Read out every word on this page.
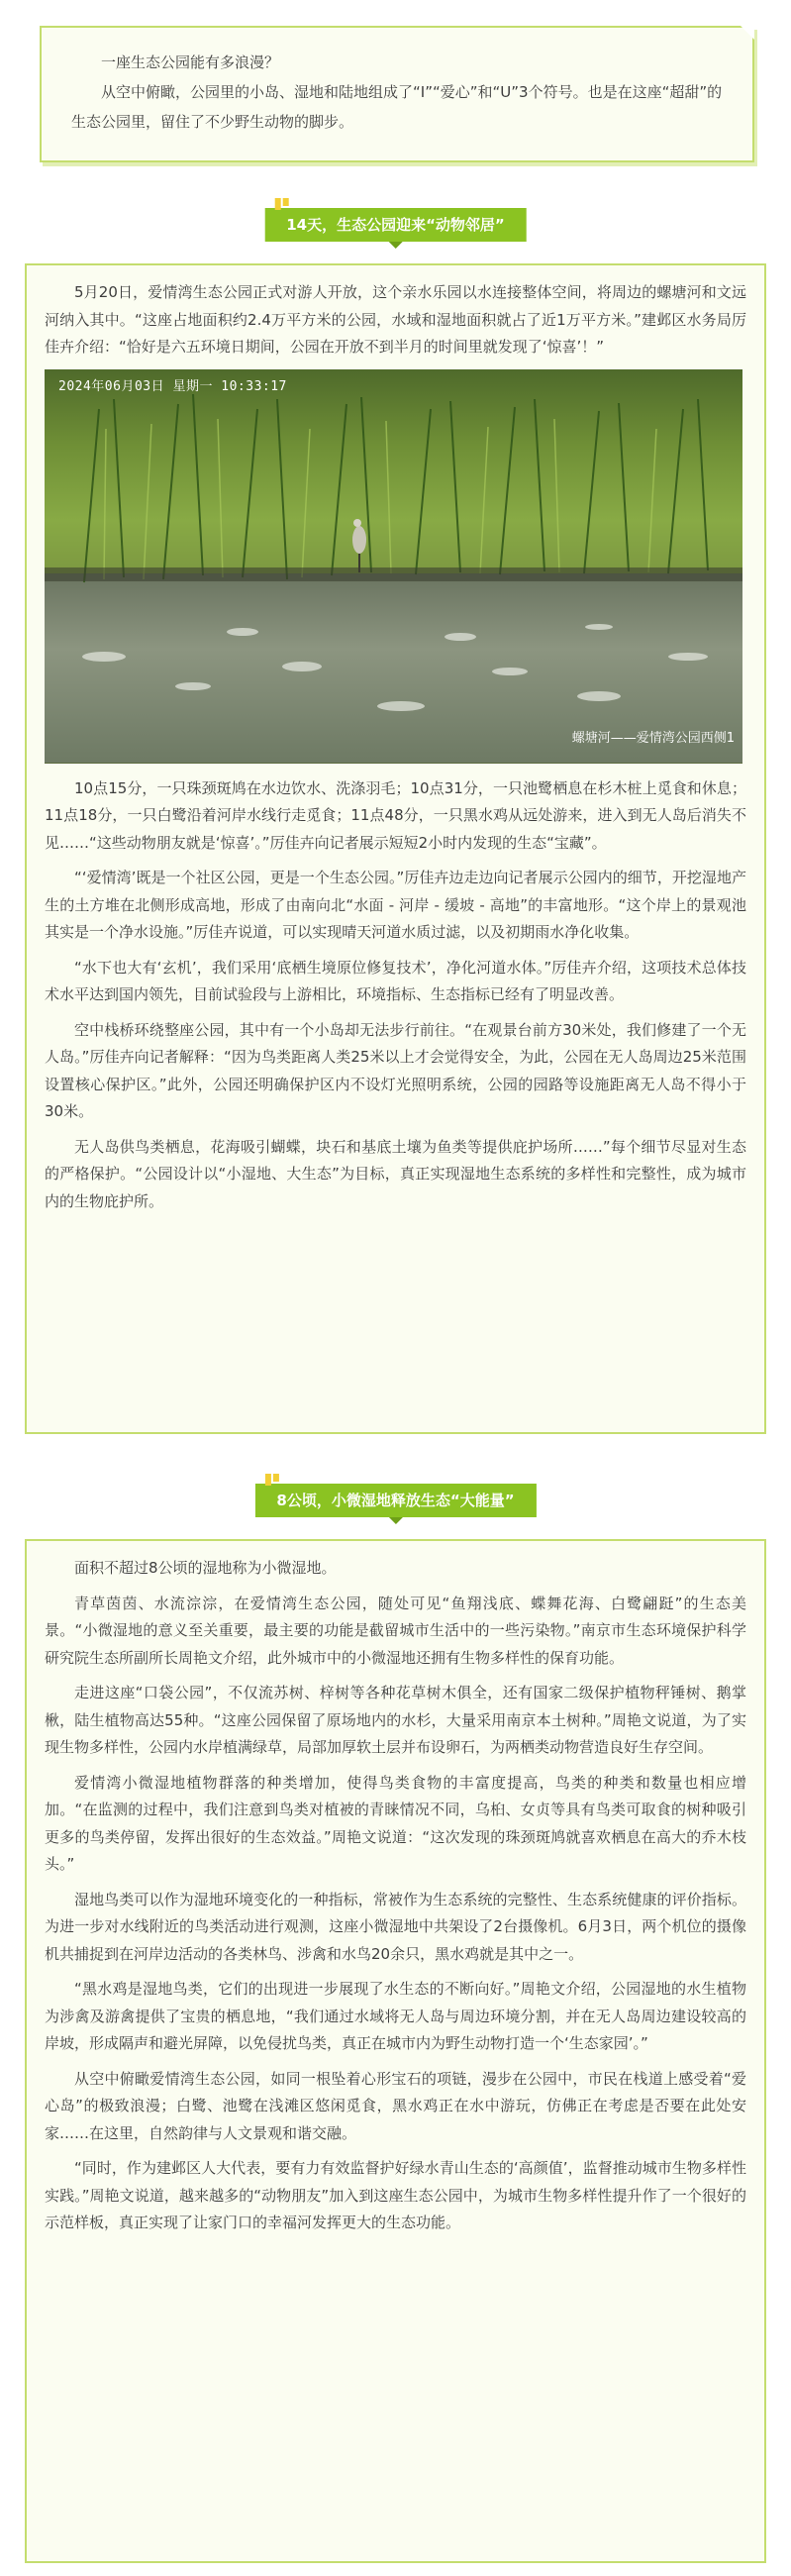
一座生态公园能有多浪漫？

从空中俯瞰，公园里的小岛、湿地和陆地组成了“I”“爱心”和“U”3个符号。也是在这座“超甜”的生态公园里，留住了不少野生动物的脚步。

14天，生态公园迎来“动物邻居”

5月20日，爱情湾生态公园正式对游人开放，这个亲水乐园以水连接整体空间，将周边的螺塘河和文远河纳入其中。“这座占地面积约2.4万平方米的公园，水域和湿地面积就占了近1万平方米。”建邺区水务局厉佳卉介绍：“恰好是六五环境日期间，公园在开放不到半月的时间里就发现了‘惊喜’！”

2024年06月03日 星期一 10:33:17
螺塘河——爱情湾公园西侧1

10点15分，一只珠颈斑鸠在水边饮水、洗涤羽毛；10点31分，一只池鹭栖息在杉木桩上觅食和休息；11点18分，一只白鹭沿着河岸水线行走觅食；11点48分，一只黑水鸡从远处游来，进入到无人岛后消失不见……“这些动物朋友就是‘惊喜’。”厉佳卉向记者展示短短2小时内发现的生态“宝藏”。

“‘爱情湾’既是一个社区公园，更是一个生态公园。”厉佳卉边走边向记者展示公园内的细节，开挖湿地产生的土方堆在北侧形成高地，形成了由南向北“水面 - 河岸 - 缓坡 - 高地”的丰富地形。“这个岸上的景观池其实是一个净水设施。”厉佳卉说道，可以实现晴天河道水质过滤，以及初期雨水净化收集。

“水下也大有‘玄机’，我们采用‘底栖生境原位修复技术’，净化河道水体。”厉佳卉介绍，这项技术总体技术水平达到国内领先，目前试验段与上游相比，环境指标、生态指标已经有了明显改善。

空中栈桥环绕整座公园，其中有一个小岛却无法步行前往。“在观景台前方30米处，我们修建了一个无人岛。”厉佳卉向记者解释：“因为鸟类距离人类25米以上才会觉得安全，为此，公园在无人岛周边25米范围设置核心保护区。”此外，公园还明确保护区内不设灯光照明系统，公园的园路等设施距离无人岛不得小于30米。

无人岛供鸟类栖息，花海吸引蝴蝶，块石和基底土壤为鱼类等提供庇护场所……”每个细节尽显对生态的严格保护。“公园设计以“小湿地、大生态”为目标，真正实现湿地生态系统的多样性和完整性，成为城市内的生物庇护所。

8公顷，小微湿地释放生态“大能量”

面积不超过8公顷的湿地称为小微湿地。

青草茵茵、水流淙淙，在爱情湾生态公园，随处可见“鱼翔浅底、蝶舞花海、白鹭翩跹”的生态美景。“小微湿地的意义至关重要，最主要的功能是截留城市生活中的一些污染物。”南京市生态环境保护科学研究院生态所副所长周艳文介绍，此外城市中的小微湿地还拥有生物多样性的保育功能。

走进这座“口袋公园”，不仅流苏树、梓树等各种花草树木俱全，还有国家二级保护植物秤锤树、鹅掌楸，陆生植物高达55种。“这座公园保留了原场地内的水杉，大量采用南京本土树种。”周艳文说道，为了实现生物多样性，公园内水岸植满绿草，局部加厚软土层并布设卵石，为两栖类动物营造良好生存空间。

爱情湾小微湿地植物群落的种类增加，使得鸟类食物的丰富度提高，鸟类的种类和数量也相应增加。“在监测的过程中，我们注意到鸟类对植被的青睐情况不同，乌桕、女贞等具有鸟类可取食的树种吸引更多的鸟类停留，发挥出很好的生态效益。”周艳文说道：“这次发现的珠颈斑鸠就喜欢栖息在高大的乔木枝头。”

湿地鸟类可以作为湿地环境变化的一种指标，常被作为生态系统的完整性、生态系统健康的评价指标。为进一步对水线附近的鸟类活动进行观测，这座小微湿地中共架设了2台摄像机。6月3日，两个机位的摄像机共捕捉到在河岸边活动的各类林鸟、涉禽和水鸟20余只，黑水鸡就是其中之一。

“黑水鸡是湿地鸟类，它们的出现进一步展现了水生态的不断向好。”周艳文介绍，公园湿地的水生植物为涉禽及游禽提供了宝贵的栖息地，“我们通过水域将无人岛与周边环境分割，并在无人岛周边建设较高的岸坡，形成隔声和避光屏障，以免侵扰鸟类，真正在城市内为野生动物打造一个‘生态家园’。”

从空中俯瞰爱情湾生态公园，如同一根坠着心形宝石的项链，漫步在公园中，市民在栈道上感受着“爱心岛”的极致浪漫；白鹭、池鹭在浅滩区悠闲觅食，黑水鸡正在水中游玩，仿佛正在考虑是否要在此处安家……在这里，自然韵律与人文景观和谐交融。

“同时，作为建邺区人大代表，要有力有效监督护好绿水青山生态的‘高颜值’，监督推动城市生物多样性实践。”周艳文说道，越来越多的“动物朋友”加入到这座生态公园中，为城市生物多样性提升作了一个很好的示范样板，真正实现了让家门口的幸福河发挥更大的生态功能。
